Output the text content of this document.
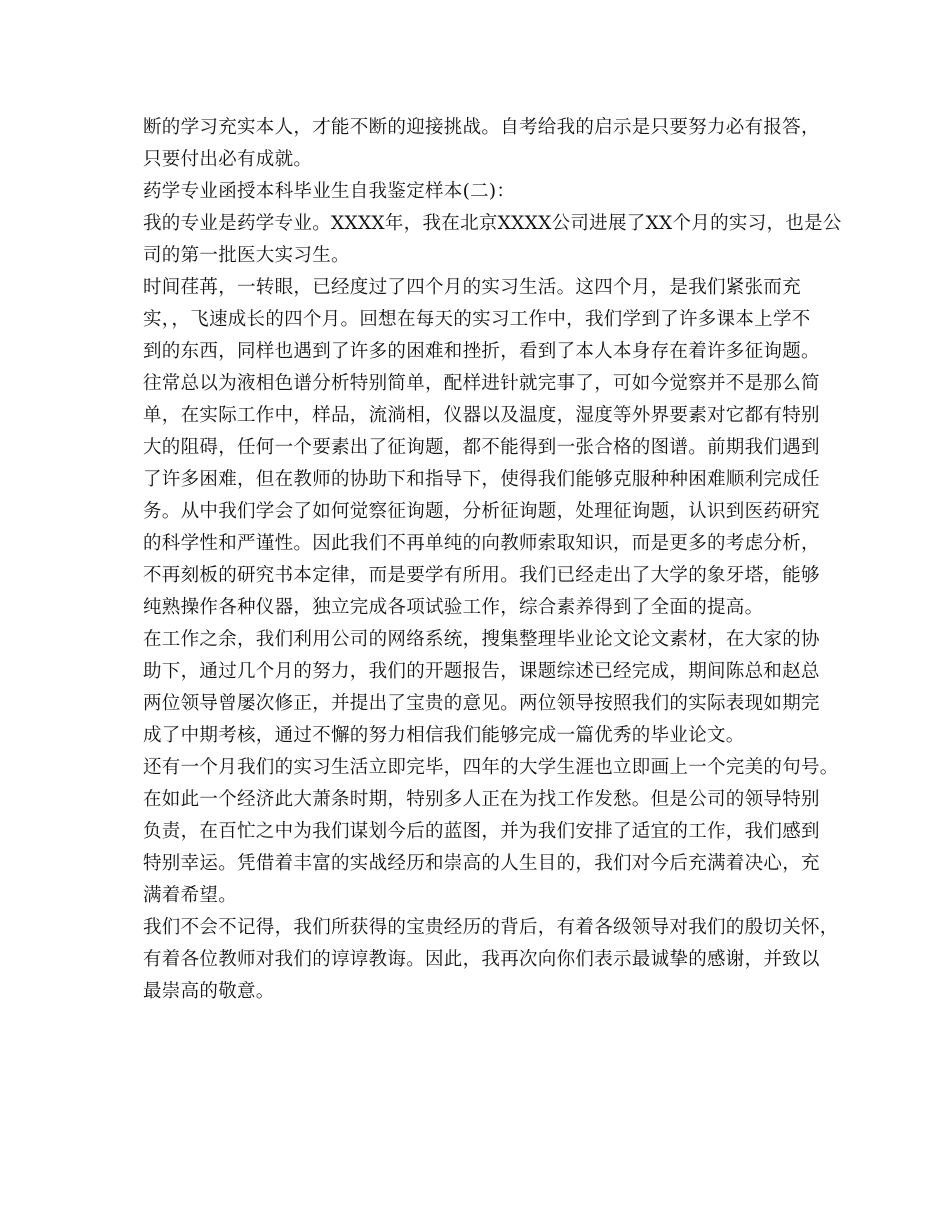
断的学习充实本人，才能不断的迎接挑战。自考给我的启示是只要努力必有报答，
只要付出必有成就。
药学专业函授本科毕业生自我鉴定样本(二)：
我的专业是药学专业。XXXX年，我在北京XXXX公司进展了XX个月的实习，也是公
司的第一批医大实习生。
时间荏苒，一转眼，已经度过了四个月的实习生活。这四个月，是我们紧张而充
实，，飞速成长的四个月。回想在每天的实习工作中，我们学到了许多课本上学不
到的东西，同样也遇到了许多的困难和挫折，看到了本人本身存在着许多征询题。
往常总以为液相色谱分析特别简单，配样进针就完事了，可如今觉察并不是那么简
单，在实际工作中，样品，流淌相，仪器以及温度，湿度等外界要素对它都有特别
大的阻碍，任何一个要素出了征询题，都不能得到一张合格的图谱。前期我们遇到
了许多困难，但在教师的协助下和指导下，使得我们能够克服种种困难顺利完成任
务。从中我们学会了如何觉察征询题，分析征询题，处理征询题，认识到医药研究
的科学性和严谨性。因此我们不再单纯的向教师索取知识，而是更多的考虑分析，
不再刻板的研究书本定律，而是要学有所用。我们已经走出了大学的象牙塔，能够
纯熟操作各种仪器，独立完成各项试验工作，综合素养得到了全面的提高。
在工作之余，我们利用公司的网络系统，搜集整理毕业论文论文素材，在大家的协
助下，通过几个月的努力，我们的开题报告，课题综述已经完成，期间陈总和赵总
两位领导曾屡次修正，并提出了宝贵的意见。两位领导按照我们的实际表现如期完
成了中期考核，通过不懈的努力相信我们能够完成一篇优秀的毕业论文。
还有一个月我们的实习生活立即完毕，四年的大学生涯也立即画上一个完美的句号。
在如此一个经济此大萧条时期，特别多人正在为找工作发愁。但是公司的领导特别
负责，在百忙之中为我们谋划今后的蓝图，并为我们安排了适宜的工作，我们感到
特别幸运。凭借着丰富的实战经历和崇高的人生目的，我们对今后充满着决心，充
满着希望。
我们不会不记得，我们所获得的宝贵经历的背后，有着各级领导对我们的殷切关怀，
有着各位教师对我们的谆谆教诲。因此，我再次向你们表示最诚挚的感谢，并致以
最崇高的敬意。
